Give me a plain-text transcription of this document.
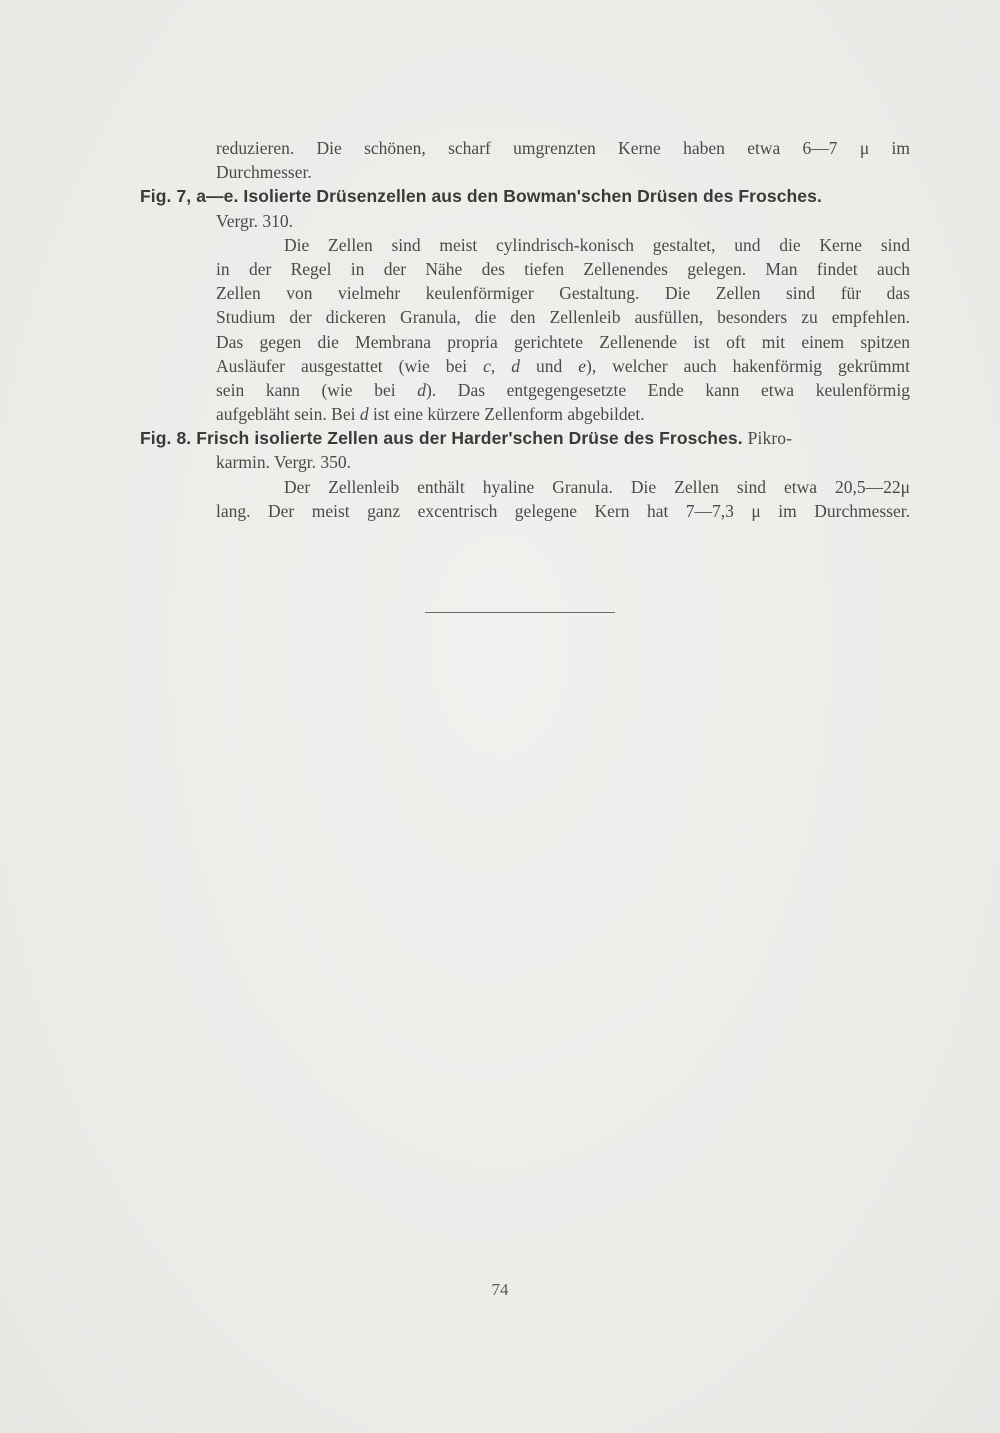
reduzieren. Die schönen, scharf umgrenzten Kerne haben etwa 6—7 μ im
Durchmesser.
Fig. 7, a—e. Isolierte Drüsenzellen aus den Bowman'schen Drüsen des Frosches.
Vergr. 310.
Die Zellen sind meist cylindrisch-konisch gestaltet, und die Kerne sind
in der Regel in der Nähe des tiefen Zellenendes gelegen. Man findet auch
Zellen von vielmehr keulenförmiger Gestaltung. Die Zellen sind für das
Studium der dickeren Granula, die den Zellenleib ausfüllen, besonders zu empfehlen.
Das gegen die Membrana propria gerichtete Zellenende ist oft mit einem spitzen
Ausläufer ausgestattet (wie bei c, d und e), welcher auch hakenförmig gekrümmt
sein kann (wie bei d). Das entgegengesetzte Ende kann etwa keulenförmig
aufgebläht sein. Bei d ist eine kürzere Zellenform abgebildet.
Fig. 8. Frisch isolierte Zellen aus der Harder'schen Drüse des Frosches. Pikro-
karmin. Vergr. 350.
Der Zellenleib enthält hyaline Granula. Die Zellen sind etwa 20,5—22μ
lang. Der meist ganz excentrisch gelegene Kern hat 7—7,3 μ im Durchmesser.
74
